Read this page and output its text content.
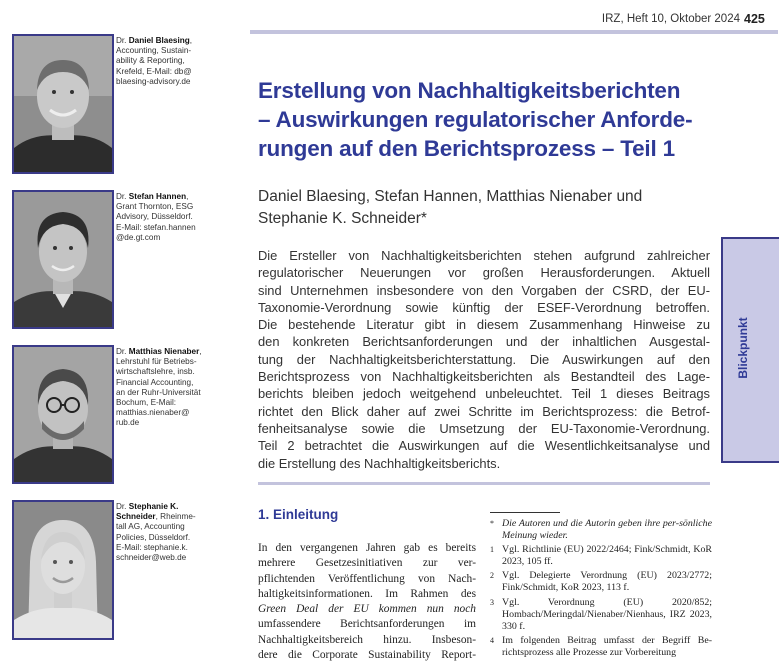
IRZ, Heft 10, Oktober 2024 425
Dr. Daniel Blaesing,
Accounting, Sustain-
ability & Reporting,
Krefeld, E-Mail: db@
blaesing-advisory.de
Dr. Stefan Hannen,
Grant Thornton, ESG
Advisory, Düsseldorf.
E-Mail: stefan.hannen
@de.gt.com
Dr. Matthias Nienaber,
Lehrstuhl für Betriebs-
wirtschaftslehre, insb.
Financial Accounting,
an der Ruhr-Universität
Bochum, E-Mail:
matthias.nienaber@
rub.de
Dr. Stephanie K.
Schneider, Rheinme-
tall AG, Accounting
Policies, Düsseldorf.
E-Mail: stephanie.k.
schneider@web.de
Erstellung von Nachhaltigkeitsberichten
– Auswirkungen regulatorischer Anforde-
rungen auf den Berichtsprozess – Teil 1
Daniel Blaesing, Stefan Hannen, Matthias Nienaber und
Stephanie K. Schneider*
Die Ersteller von Nachhaltigkeitsberichten stehen aufgrund zahlreicher
regulatorischer Neuerungen vor großen Herausforderungen. Aktuell
sind Unternehmen insbesondere von den Vorgaben der CSRD, der EU-
Taxonomie-Verordnung sowie künftig der ESEF-Verordnung betroffen.
Die bestehende Literatur gibt in diesem Zusammenhang Hinweise zu
den konkreten Berichtsanforderungen und der inhaltlichen Ausgestal-
tung der Nachhaltigkeitsberichterstattung. Die Auswirkungen auf den
Berichtsprozess von Nachhaltigkeitsberichten als Bestandteil des Lage-
berichts bleiben jedoch weitgehend unbeleuchtet. Teil 1 dieses Beitrags
richtet den Blick daher auf zwei Schritte im Berichtsprozess: die Betrof-
fenheitsanalyse sowie die Umsetzung der EU-Taxonomie-Verordnung.
Teil 2 betrachtet die Auswirkungen auf die Wesentlichkeitsanalyse und
die Erstellung des Nachhaltigkeitsberichts.
Blickpunkt
1. Einleitung
In den vergangenen Jahren gab es bereits
mehrere Gesetzesinitiativen zur ver-
pflichtenden Veröffentlichung von Nach-
haltigkeitsinformationen. Im Rahmen des
Green Deal der EU kommen nun noch
umfassendere Berichtsanforderungen im
Nachhaltigkeitsbereich hinzu. Insbeson-
dere die Corporate Sustainability Report-
* Die Autoren und die Autorin geben ihre per-sönliche Meinung wieder.
1 Vgl. Richtlinie (EU) 2022/2464; Fink/Schmidt, KoR 2023, 105 ff.
2 Vgl. Delegierte Verordnung (EU) 2023/2772; Fink/Schmidt, KoR 2023, 113 f.
3 Vgl. Verordnung (EU) 2020/852; Hombach/Meringdal/Nienaber/Nienhaus, IRZ 2023, 330 f.
4 Im folgenden Beitrag umfasst der Begriff Be-richtsprozess alle Prozesse zur Vorbereitung
